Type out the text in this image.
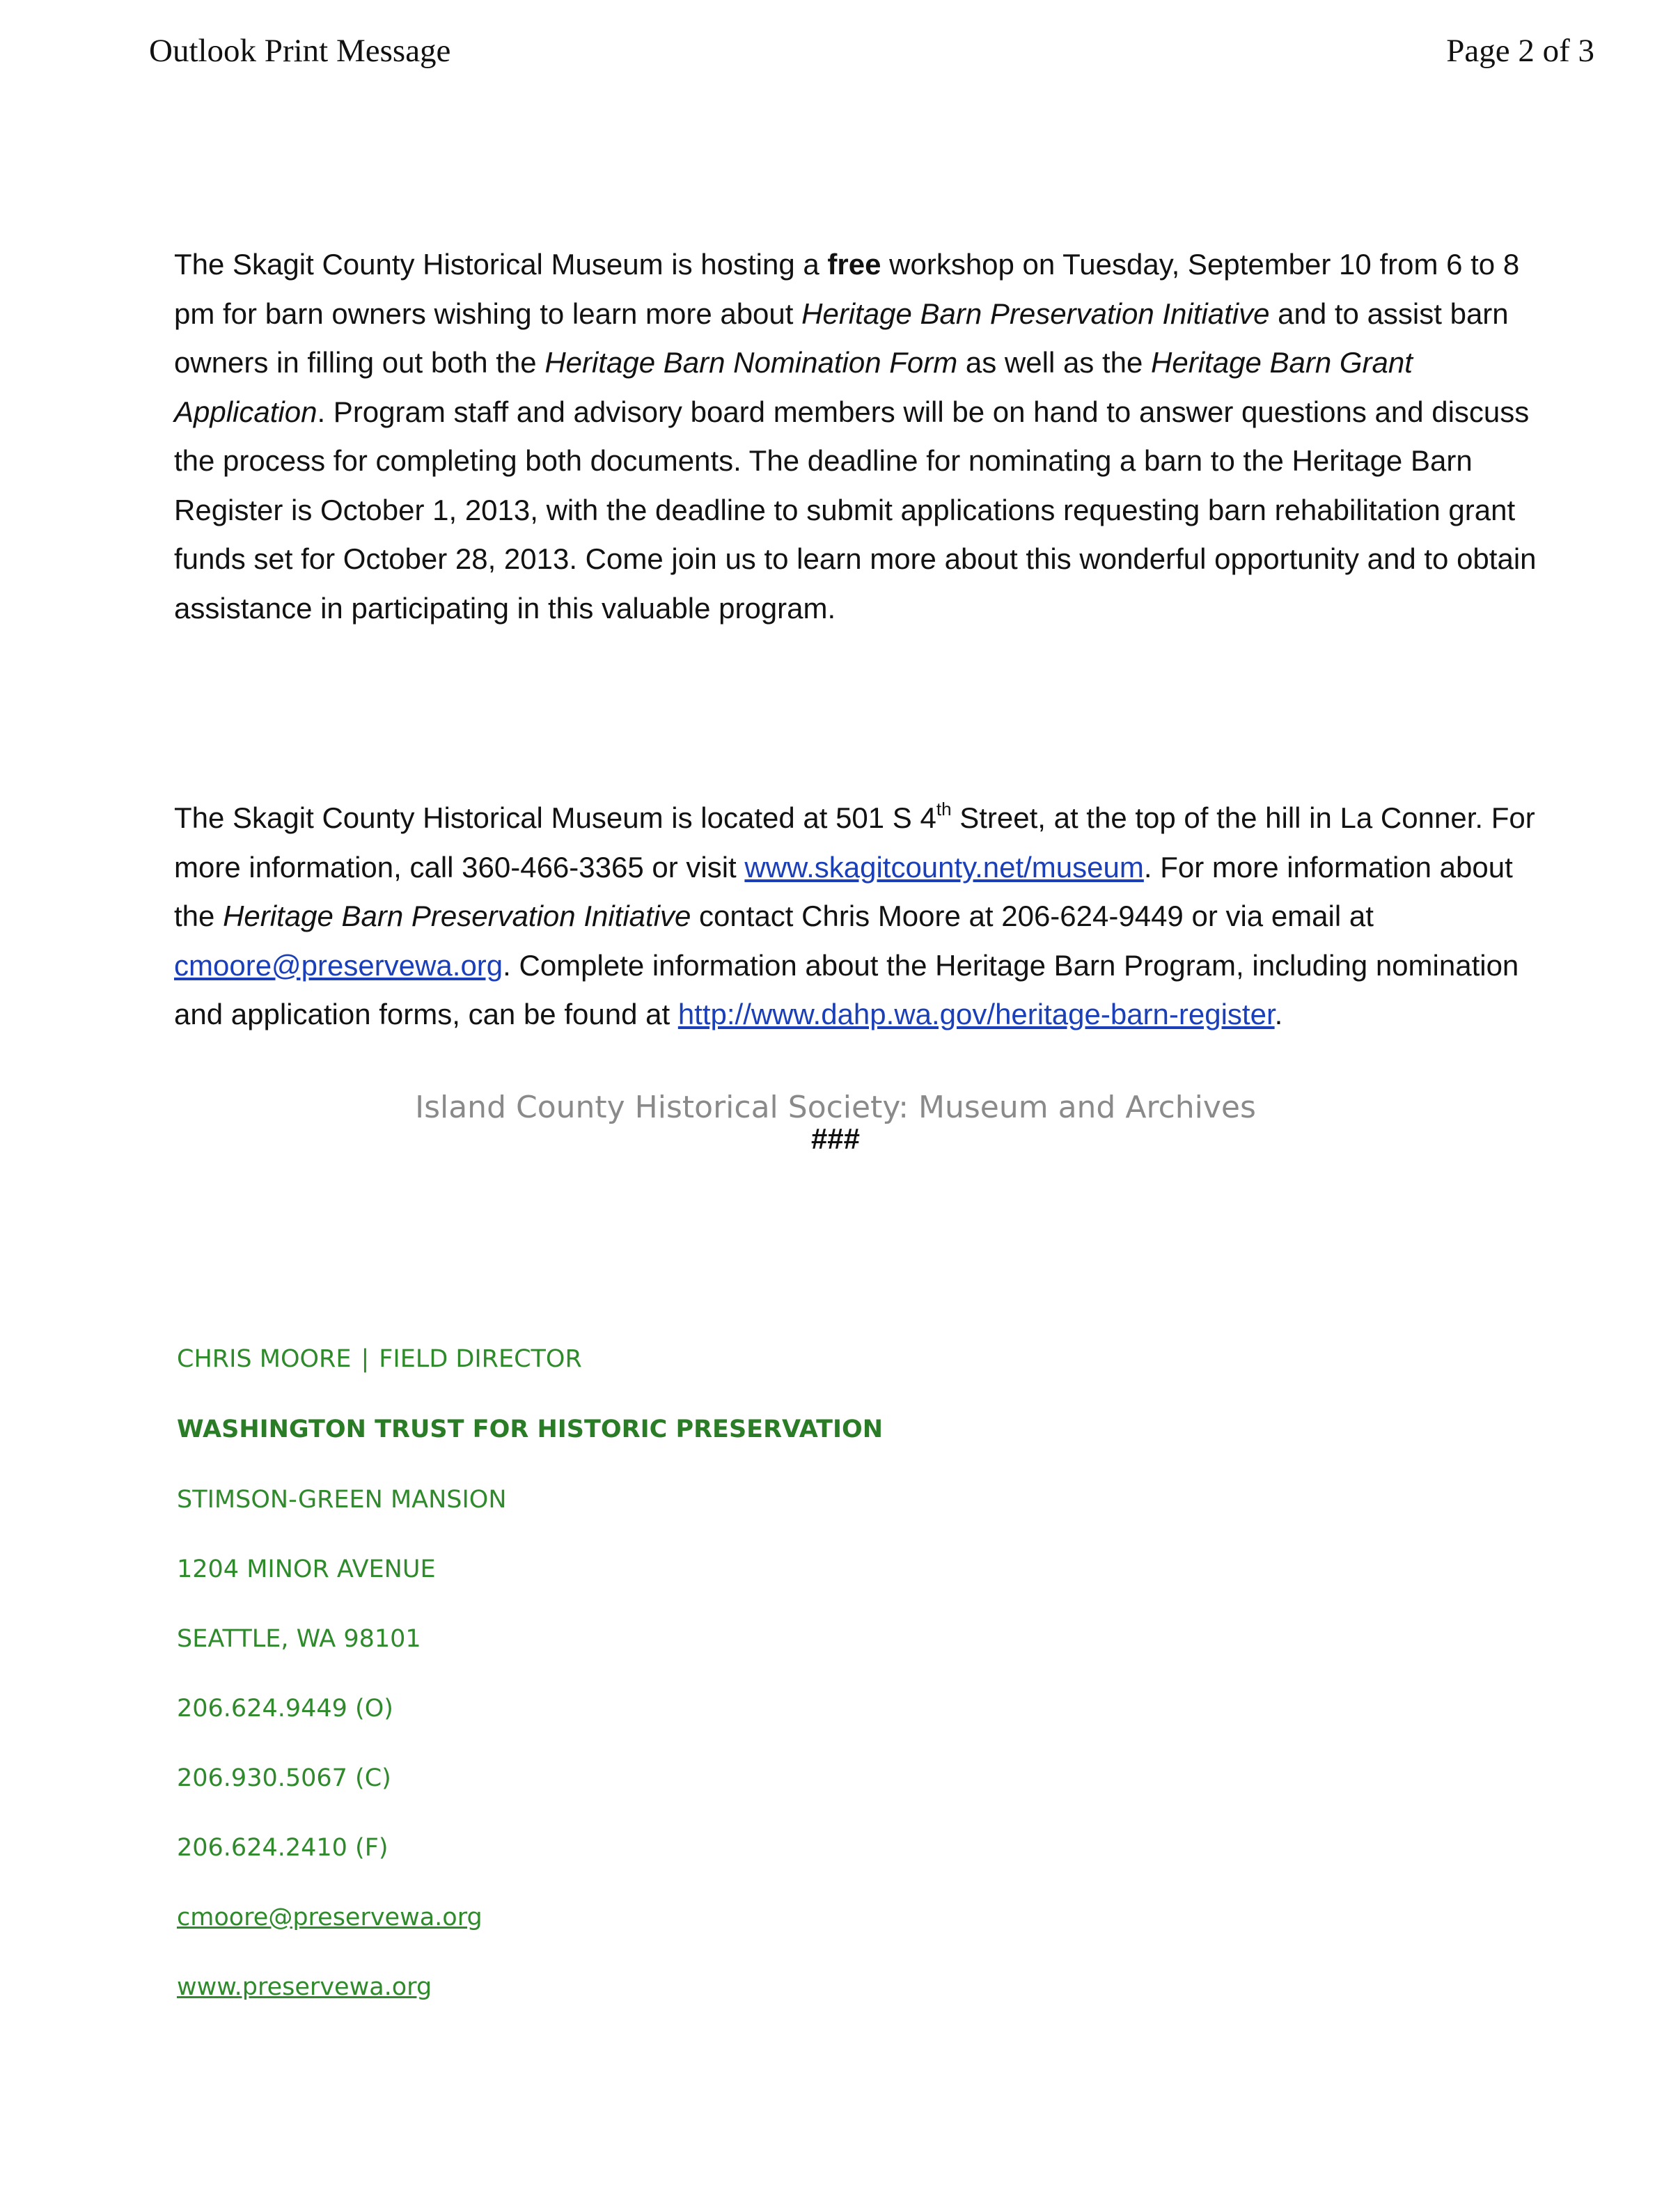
Outlook Print Message	Page 2 of 3
The Skagit County Historical Museum is hosting a free workshop on Tuesday, September 10 from 6 to 8 pm for barn owners wishing to learn more about Heritage Barn Preservation Initiative and to assist barn owners in filling out both the Heritage Barn Nomination Form as well as the Heritage Barn Grant Application. Program staff and advisory board members will be on hand to answer questions and discuss the process for completing both documents. The deadline for nominating a barn to the Heritage Barn Register is October 1, 2013, with the deadline to submit applications requesting barn rehabilitation grant funds set for October 28, 2013. Come join us to learn more about this wonderful opportunity and to obtain assistance in participating in this valuable program.
The Skagit County Historical Museum is located at 501 S 4th Street, at the top of the hill in La Conner. For more information, call 360-466-3365 or visit www.skagitcounty.net/museum. For more information about the Heritage Barn Preservation Initiative contact Chris Moore at 206-624-9449 or via email at cmoore@preservewa.org. Complete information about the Heritage Barn Program, including nomination and application forms, can be found at http://www.dahp.wa.gov/heritage-barn-register.
Island County Historical Society: Museum and Archives
###
CHRIS MOORE | FIELD DIRECTOR
WASHINGTON TRUST FOR HISTORIC PRESERVATION
STIMSON-GREEN MANSION
1204 MINOR AVENUE
SEATTLE, WA 98101
206.624.9449 (O)
206.930.5067 (C)
206.624.2410 (F)
cmoore@preservewa.org
www.preservewa.org
